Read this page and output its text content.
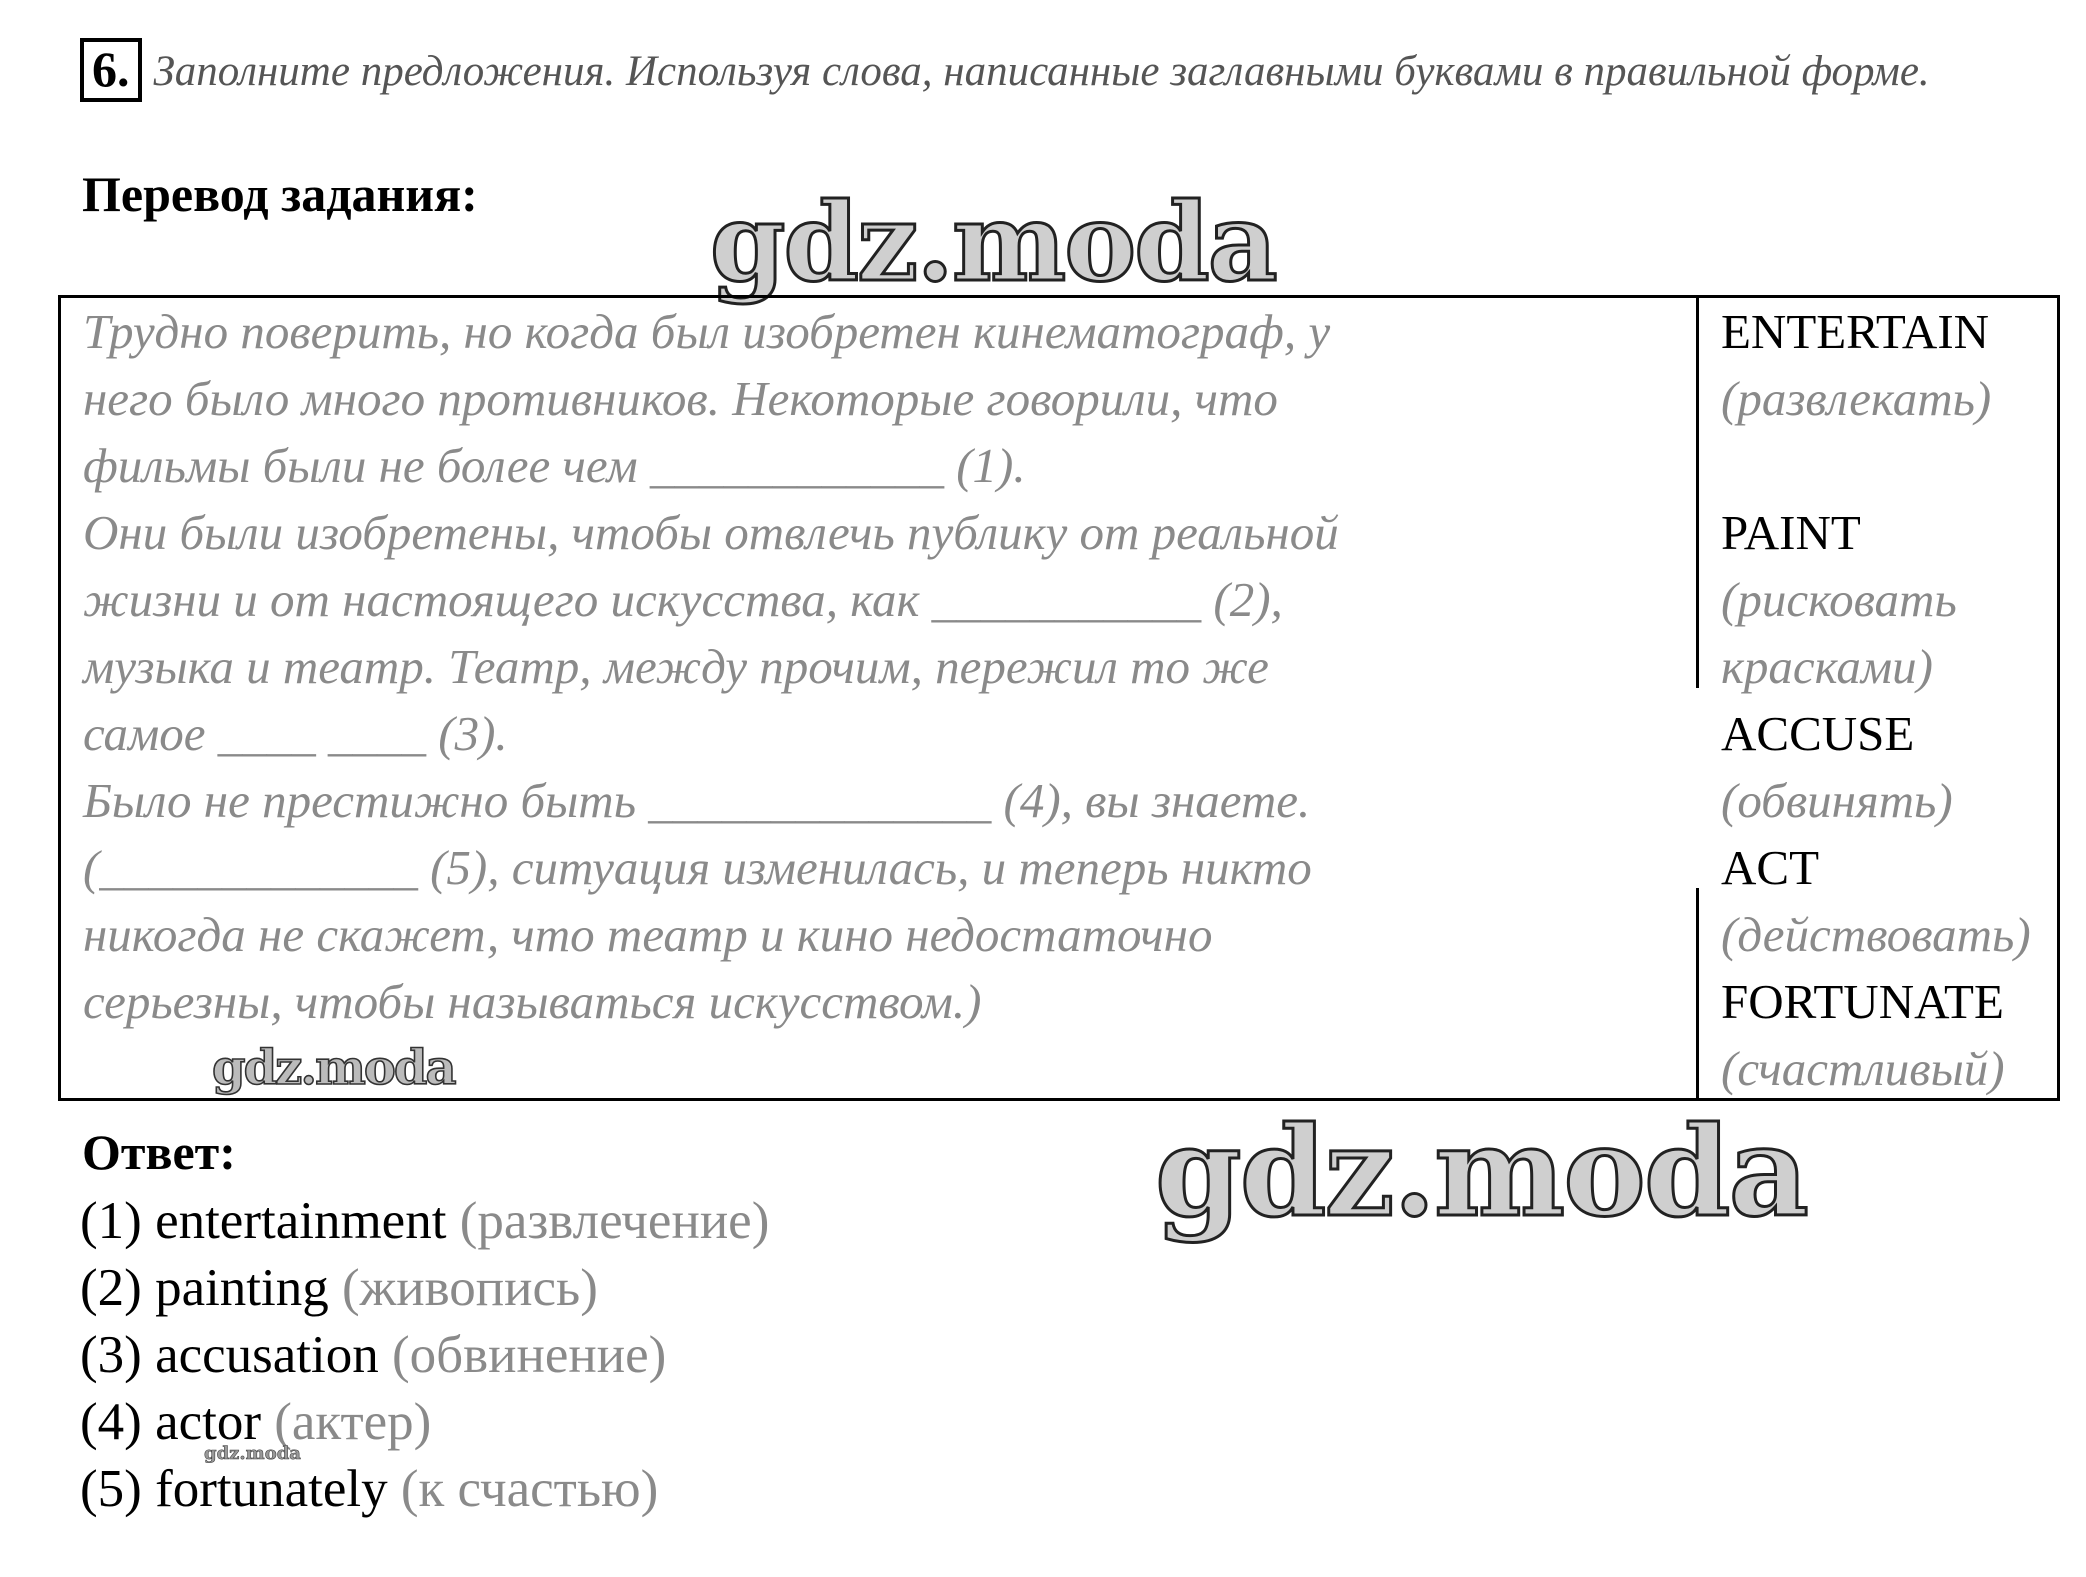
6. Заполните предложения. Используя слова, написанные заглавными буквами в правильной форме.
Перевод задания: gdz.moda
Трудно поверить, но когда был изобретен кинематограф, у
него было много противников. Некоторые говорили, что
фильмы были не более чем ____________ (1).
Они были изобретены, чтобы отвлечь публику от реальной
жизни и от настоящего искусства, как ___________ (2),
музыка и театр. Театр, между прочим, пережил то же
самое ____ ____ (3).
Было не престижно быть ______________ (4), вы знаете.
(_____________ (5), ситуация изменилась, и теперь никто
никогда не скажет, что театр и кино недостаточно
серьезны, чтобы называться искусством.)
ENTERTAIN
(развлекать)
PAINT
(рисковать
красками)
ACCUSE
(обвинять)
ACT
(действовать)
FORTUNATE
(счастливый)
gdz.moda
Ответ:	gdz.moda
(1) entertainment (развлечение)
(2) painting (живопись)
(3) accusation (обвинение)
(4) actor (актер)
(5) fortunately (к счастью)
gdz.moda
